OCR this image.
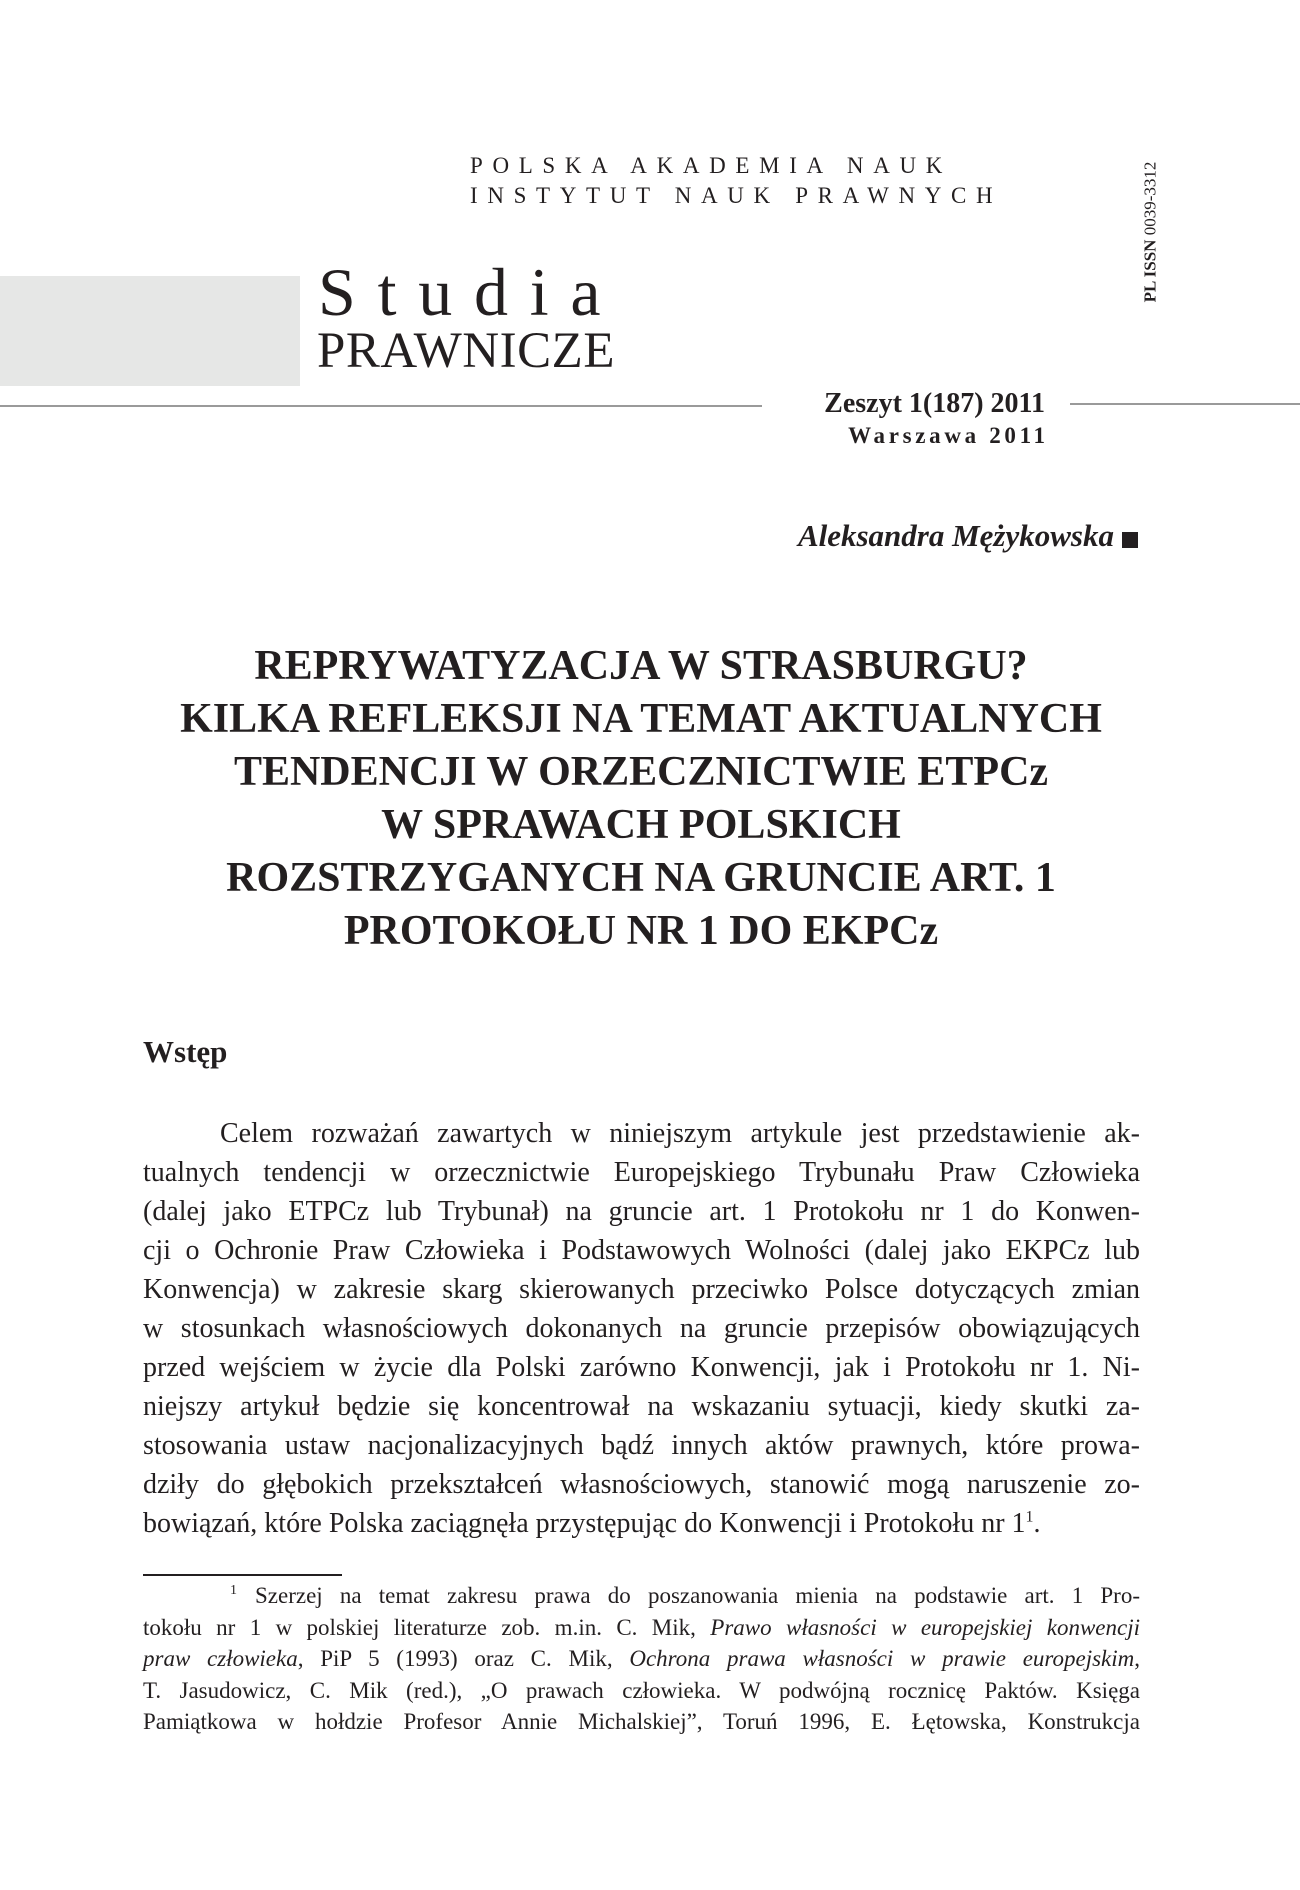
POLSKA AKADEMIA NAUK
INSTYTUT NAUK PRAWNYCH
PL ISSN 0039-3312
Studia
PRAWNICZE
Zeszyt 1(187) 2011
Warszawa 2011
Aleksandra Mężykowska
REPRYWATYZACJA W STRASBURGU?
KILKA REFLEKSJI NA TEMAT AKTUALNYCH
TENDENCJI W ORZECZNICTWIE ETPCz
W SPRAWACH POLSKICH
ROZSTRZYGANYCH NA GRUNCIE ART. 1
PROTOKOŁU NR 1 DO EKPCz
Wstęp
Celem rozważań zawartych w niniejszym artykule jest przedstawienie ak-
tualnych tendencji w orzecznictwie Europejskiego Trybunału Praw Człowieka
(dalej jako ETPCz lub Trybunał) na gruncie art. 1 Protokołu nr 1 do Konwen-
cji o Ochronie Praw Człowieka i Podstawowych Wolności (dalej jako EKPCz lub
Konwencja) w zakresie skarg skierowanych przeciwko Polsce dotyczących zmian
w stosunkach własnościowych dokonanych na gruncie przepisów obowiązujących
przed wejściem w życie dla Polski zarówno Konwencji, jak i Protokołu nr 1. Ni-
niejszy artykuł będzie się koncentrował na wskazaniu sytuacji, kiedy skutki za-
stosowania ustaw nacjonalizacyjnych bądź innych aktów prawnych, które prowa-
dziły do głębokich przekształceń własnościowych, stanowić mogą naruszenie zo-
bowiązań, które Polska zaciągnęła przystępując do Konwencji i Protokołu nr 1$^1$.
$^1$ Szerzej na temat zakresu prawa do poszanowania mienia na podstawie art. 1 Pro-
tokołu nr 1 w polskiej literaturze zob. m.in. C. Mik, Prawo własności w europejskiej konwencji
praw człowieka, PiP 5 (1993) oraz C. Mik, Ochrona prawa własności w prawie europejskim,
T. Jasudowicz, C. Mik (red.), „O prawach człowieka. W podwójną rocznicę Paktów. Księga
Pamiątkowa w hołdzie Profesor Annie Michalskiej”, Toruń 1996, E. Łętowska, Konstrukcja
